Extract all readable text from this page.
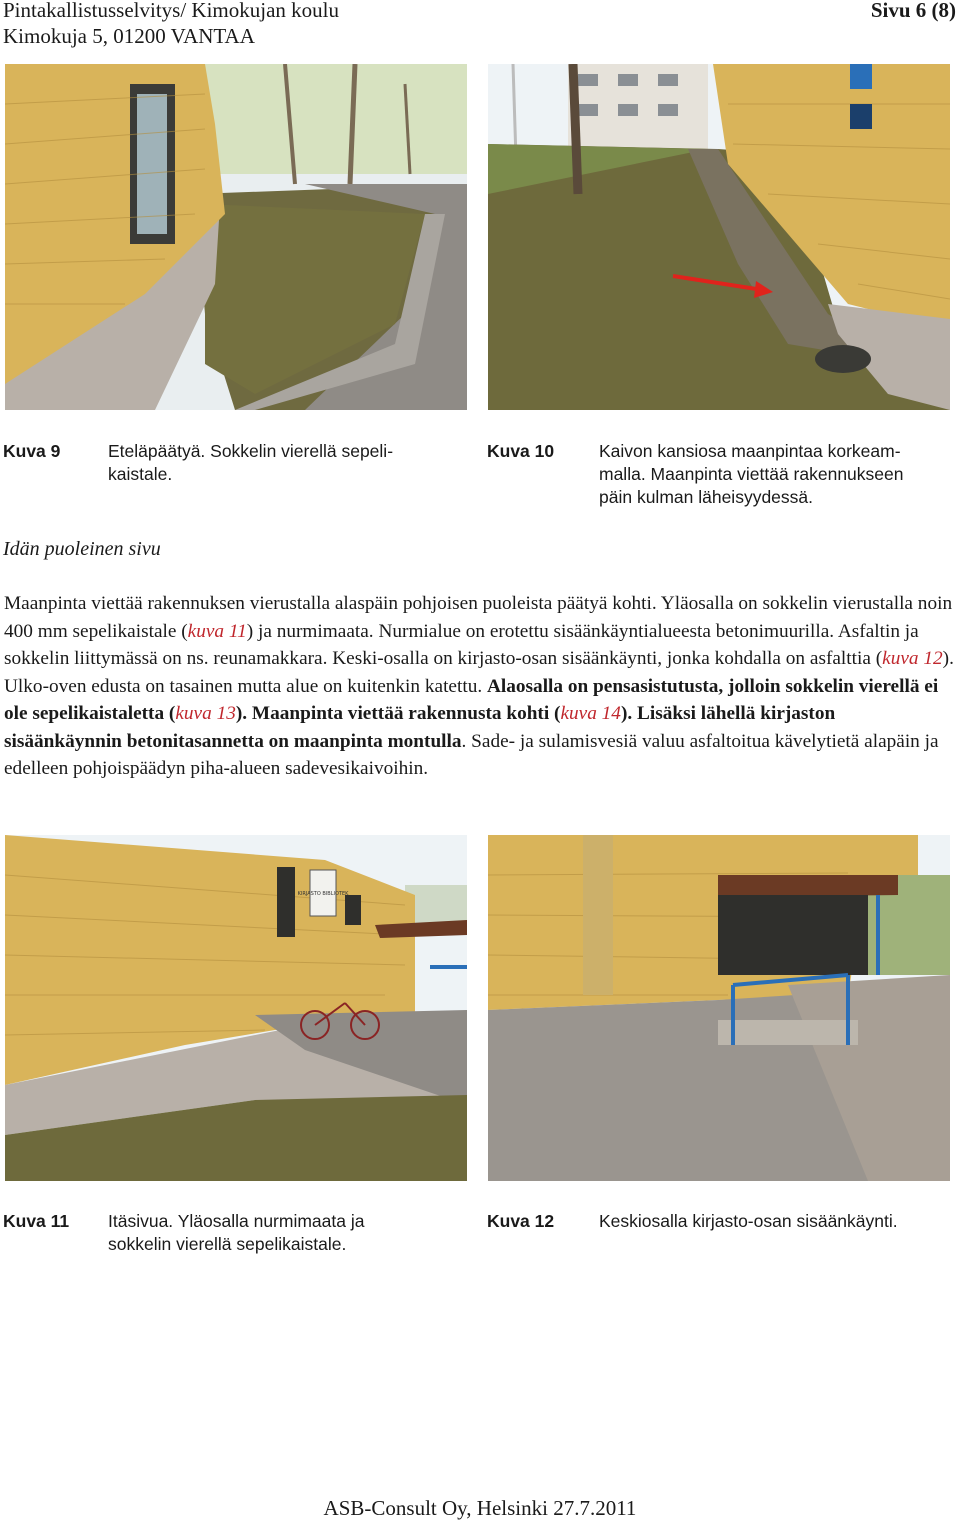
Pintakallistusselvitys/ Kimokujan koulu
Kimokuja 5, 01200 VANTAA
Sivu 6 (8)
Kuva 9	Eteläpäätyä. Sokkelin vierellä sepeli-
kaistale.
Kuva 10	Kaivon kansiosa maanpintaa korkeam-
malla. Maanpinta viettää rakennukseen
päin kulman läheisyydessä.
Idän puoleinen sivu
Maanpinta viettää rakennuksen vierustalla alaspäin pohjoisen puoleista päätyä kohti. Yläosalla on sokkelin vierustalla noin 400 mm sepelikaistale (kuva 11) ja nurmimaata. Nurmialue on erotettu sisäänkäyntialueesta betonimuurilla. Asfaltin ja sokkelin liittymässä on ns. reunamakkara. Keski-osalla on kirjasto-osan sisäänkäynti, jonka kohdalla on asfalttia (kuva 12). Ulko-oven edusta on tasainen mutta alue on kuitenkin katettu. Alaosalla on pensasistutusta, jolloin sokkelin vierellä ei ole sepelikaistaletta (kuva 13). Maanpinta viettää rakennusta kohti (kuva 14). Lisäksi lähellä kirjaston sisäänkäynnin betonitasannetta on maanpinta montulla. Sade- ja sulamisvesiä valuu asfaltoitua kävelytietä alapäin ja edelleen pohjoispäädyn piha-alueen sadevesikaivoihin.
KIRJASTO BIBLIOTEK
Kuva 11 Itäsivua. Yläosalla nurmimaata ja
sokkelin vierellä sepelikaistale.
Kuva 12	Keskiosalla kirjasto-osan sisäänkäynti.
ASB-Consult Oy, Helsinki 27.7.2011
